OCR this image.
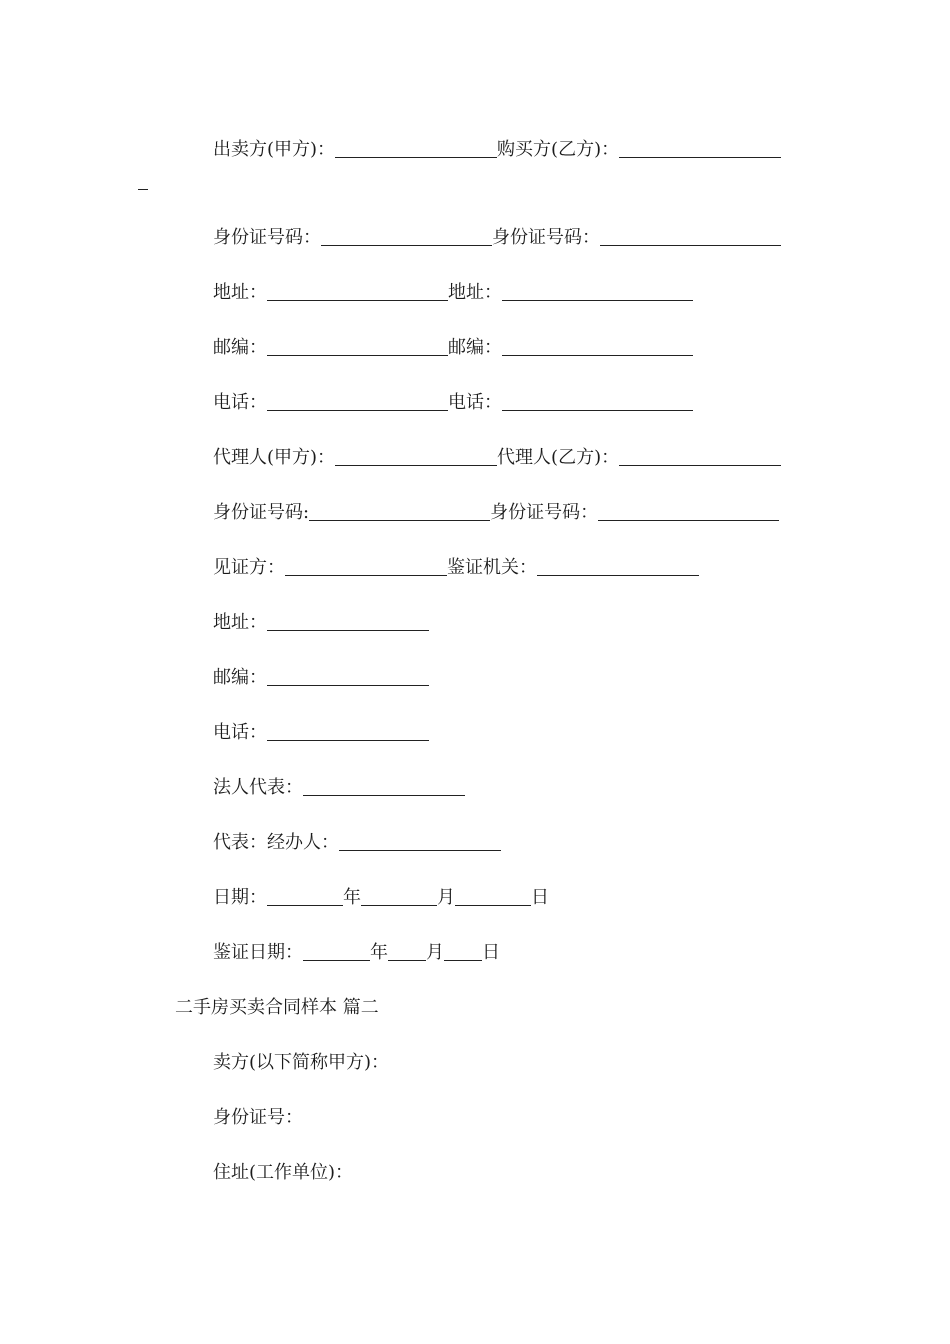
出卖方(甲方)：	购买方(乙方)：
身份证号码：	身份证号码：
地址：	地址：
邮编：	邮编：
电话：	电话：
代理人(甲方)：	代理人(乙方)：
身份证号码:	身份证号码：
见证方：	鉴证机关：
地址：
邮编：
电话：
法人代表：
代表：经办人：
日期：	年	月	日
鉴证日期：	年 月 日
二手房买卖合同样本 篇二
卖方(以下简称甲方)：
身份证号：
住址(工作单位)：
